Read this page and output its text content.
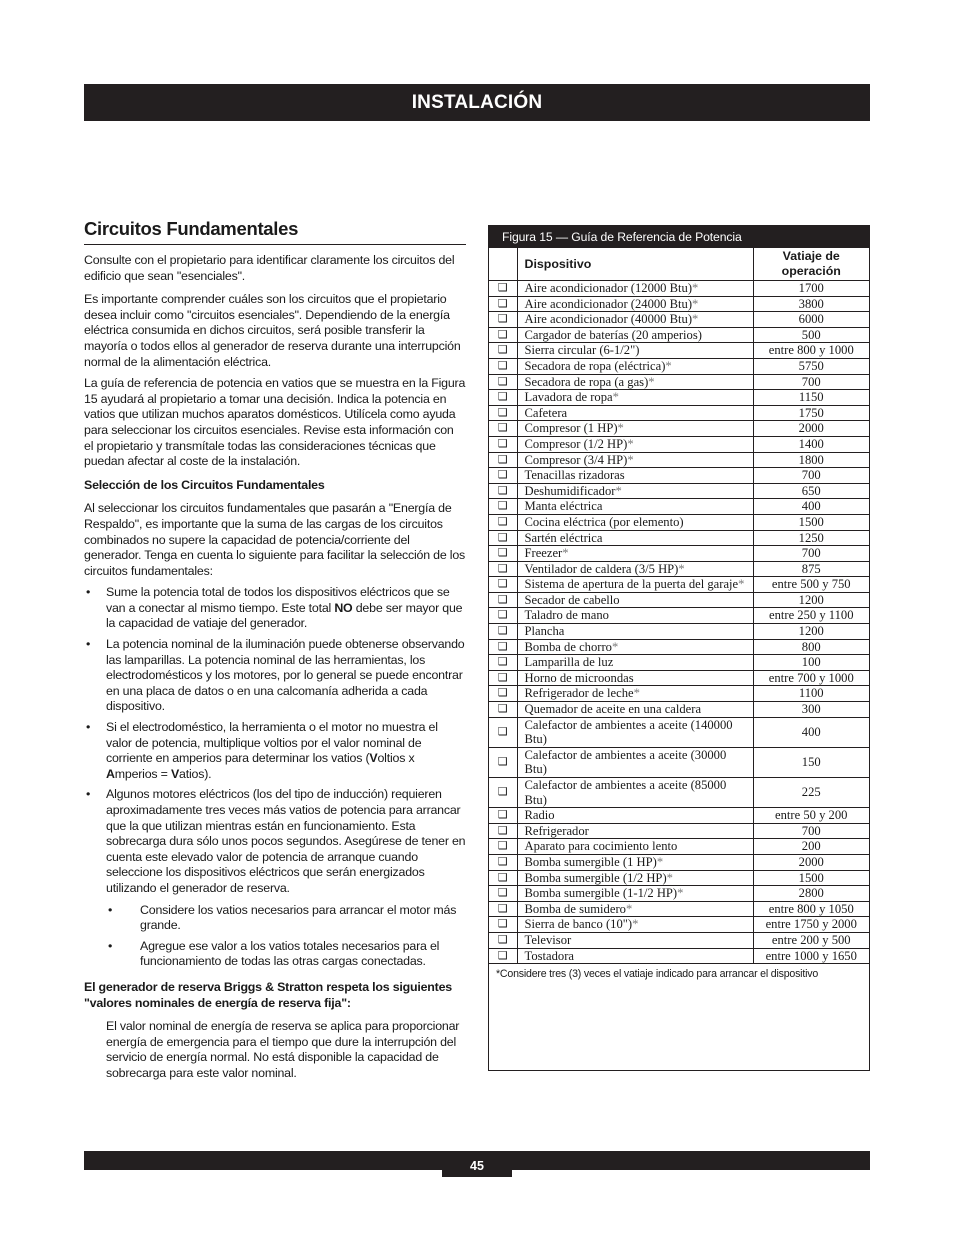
INSTALACIÓN
Circuitos Fundamentales

Consulte con el propietario para identificar claramente los circuitos del edificio que sean "esenciales".

Es importante comprender cuáles son los circuitos que el propietario desea incluir como "circuitos esenciales". Dependiendo de la energía eléctrica consumida en dichos circuitos, será posible transferir la mayoría o todos ellos al generador de reserva durante una interrupción normal de la alimentación eléctrica.

La guía de referencia de potencia en vatios que se muestra en la Figura 15 ayudará al propietario a tomar una decisión. Indica la potencia en vatios que utilizan muchos aparatos domésticos. Utilícela como ayuda para seleccionar los circuitos esenciales. Revise esta información con el propietario y transmítale todas las consideraciones técnicas que puedan afectar al coste de la instalación.

Selección de los Circuitos Fundamentales

Al seleccionar los circuitos fundamentales que pasarán a "Energía de Respaldo", es importante que la suma de las cargas de los circuitos combinados no supere la capacidad de potencia/corriente del generador. Tenga en cuenta lo siguiente para facilitar la selección de los circuitos fundamentales:

• Sume la potencia total de todos los dispositivos eléctricos que se van a conectar al mismo tiempo. Este total NO debe ser mayor que la capacidad de vatiaje del generador.
• La potencia nominal de la iluminación puede obtenerse observando las lamparillas. La potencia nominal de las herramientas, los electrodomésticos y los motores, por lo general se puede encontrar en una placa de datos o en una calcomanía adherida a cada dispositivo.
• Si el electrodoméstico, la herramienta o el motor no muestra el valor de potencia, multiplique voltios por el valor nominal de corriente en amperios para determinar los vatios (Voltios x Amperios = Vatios).
• Algunos motores eléctricos (los del tipo de inducción) requieren aproximadamente tres veces más vatios de potencia para arrancar que la que utilizan mientras están en funcionamiento. Esta sobrecarga dura sólo unos pocos segundos. Asegúrese de tener en cuenta este elevado valor de potencia de arranque cuando seleccione los dispositivos eléctricos que serán energizados utilizando el generador de reserva.
• Considere los vatios necesarios para arrancar el motor más grande.
• Agregue ese valor a los vatios totales necesarios para el funcionamiento de todas las otras cargas conectadas.

El generador de reserva Briggs & Stratton respeta los siguientes "valores nominales de energía de reserva fija":

El valor nominal de energía de reserva se aplica para proporcionar energía de emergencia para el tiempo que dure la interrupción del servicio de energía normal. No está disponible la capacidad de sobrecarga para este valor nominal.

Figura 15 — Guía de Referencia de Potencia
	Dispositivo	Vatiaje de operación
❑	Aire acondicionador (12000 Btu)*	1700
❑	Aire acondicionador (24000 Btu)*	3800
❑	Aire acondicionador (40000 Btu)*	6000
❑	Cargador de baterías (20 amperios)	500
❑	Sierra circular (6-1/2")	entre 800 y 1000
❑	Secadora de ropa (eléctrica)*	5750
❑	Secadora de ropa (a gas)*	700
❑	Lavadora de ropa*	1150
❑	Cafetera	1750
❑	Compresor (1 HP)*	2000
❑	Compresor (1/2 HP)*	1400
❑	Compresor (3/4 HP)*	1800
❑	Tenacillas rizadoras	700
❑	Deshumidificador*	650
❑	Manta eléctrica	400
❑	Cocina eléctrica (por elemento)	1500
❑	Sartén eléctrica	1250
❑	Freezer*	700
❑	Ventilador de caldera (3/5 HP)*	875
❑	Sistema de apertura de la puerta del garaje*	entre 500 y 750
❑	Secador de cabello	1200
❑	Taladro de mano	entre 250 y 1100
❑	Plancha	1200
❑	Bomba de chorro*	800
❑	Lamparilla de luz	100
❑	Horno de microondas	entre 700 y 1000
❑	Refrigerador de leche*	1100
❑	Quemador de aceite en una caldera	300
❑	Calefactor de ambientes a aceite (140000 Btu)	400
❑	Calefactor de ambientes a aceite (30000 Btu)	150
❑	Calefactor de ambientes a aceite (85000 Btu)	225
❑	Radio	entre 50 y 200
❑	Refrigerador	700
❑	Aparato para cocimiento lento	200
❑	Bomba sumergible (1 HP)*	2000
❑	Bomba sumergible (1/2 HP)*	1500
❑	Bomba sumergible (1-1/2 HP)*	2800
❑	Bomba de sumidero*	entre 800 y 1050
❑	Sierra de banco (10")*	entre 1750 y 2000
❑	Televisor	entre 200 y 500
❑	Tostadora	entre 1000 y 1650
*Considere tres (3) veces el vatiaje indicado para arrancar el dispositivo
45
